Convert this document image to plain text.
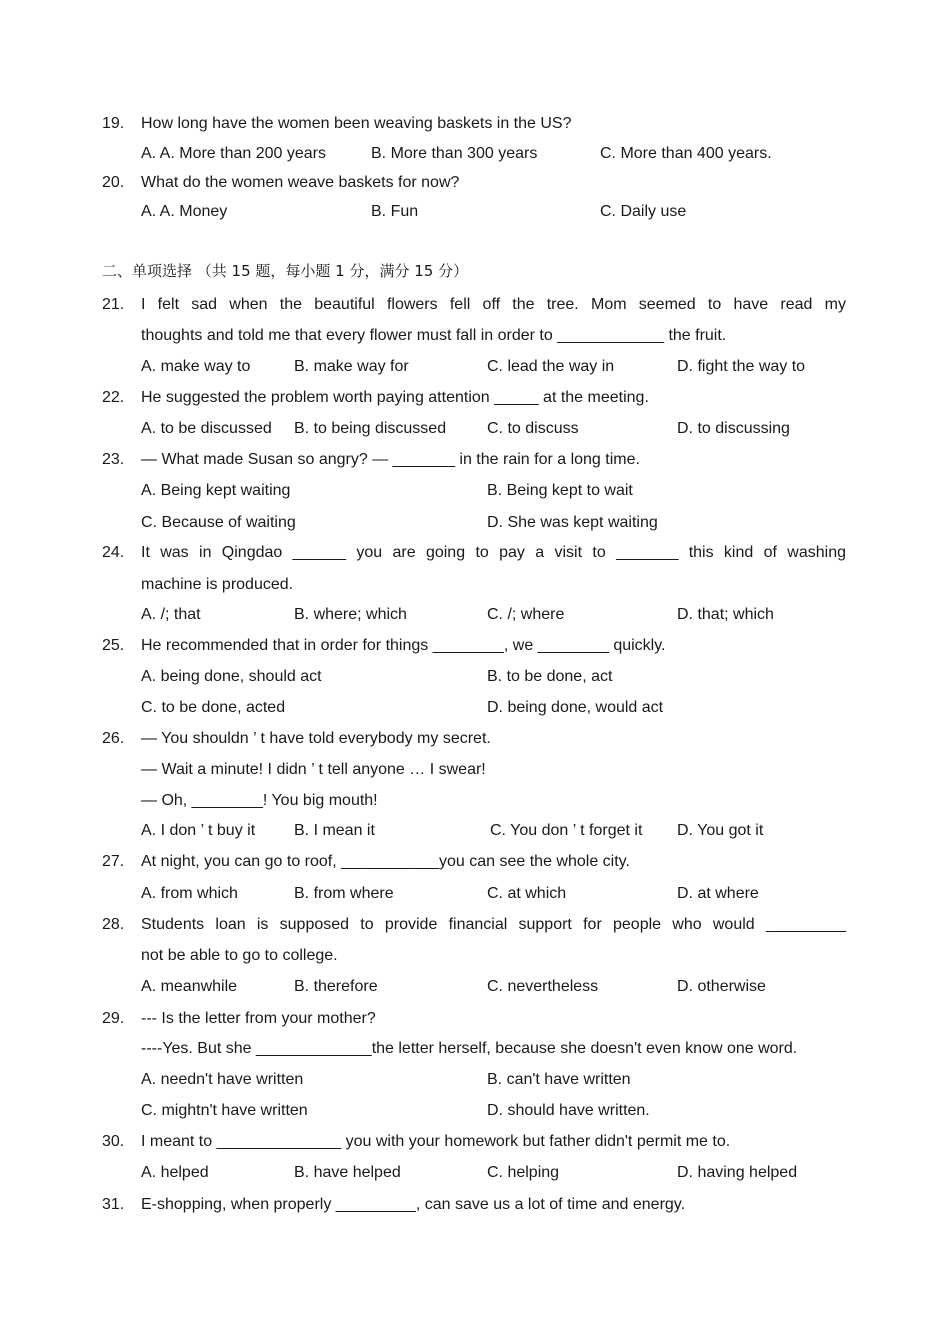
19. How long have the women been weaving baskets in the US?
A. A. More than 200 years	B. More than 300 years	C. More than 400 years.
20. What do the women weave baskets for now?
A. A. Money	B. Fun	C. Daily use
二、单项选择 （共 15 题，每小题 1 分，满分 15 分）
21. I felt sad when the beautiful flowers fell off the tree. Mom seemed to have read my
thoughts and told me that every flower must fall in order to ____________ the fruit.
A. make way to	B. make way for	C. lead the way in	D. fight the way to
22. He suggested the problem worth paying attention _____ at the meeting.
A. to be discussed B. to being discussed	C. to discuss	D. to discussing
23. — What made Susan so angry? — _______ in the rain for a long time.
A. Being kept waiting	B. Being kept to wait
C. Because of waiting	D. She was kept waiting
24. It was in Qingdao ______ you are going to pay a visit to _______ this kind of washing
machine is produced.
A. /; that	B. where; which	C. /; where	D. that; which
25. He recommended that in order for things ________, we ________ quickly.
A. being done, should act	B. to be done, act
C. to be done, acted	D. being done, would act
26. — You shouldn ’ t have told everybody my secret.
— Wait a minute! I didn ’ t tell anyone … I swear!
— Oh, ________! You big mouth!
A. I don ’ t buy it B. I mean it	C. You don ’ t forget it D. You got it
27. At night, you can go to roof, ___________you can see the whole city.
A. from which	B. from where	C. at which	D. at where
28. Students loan is supposed to provide financial support for people who would _________
not be able to go to college.
A. meanwhile	B. therefore	C. nevertheless	D. otherwise
29. --- Is the letter from your mother?
----Yes. But she _____________the letter herself, because she doesn't even know one word.
A. needn't have written	B. can't have written
C. mightn't have written	D. should have written.
30. I meant to ______________ you with your homework but father didn't permit me to.
A. helped	B. have helped	C. helping	D. having helped
31. E-shopping, when properly _________, can save us a lot of time and energy.
